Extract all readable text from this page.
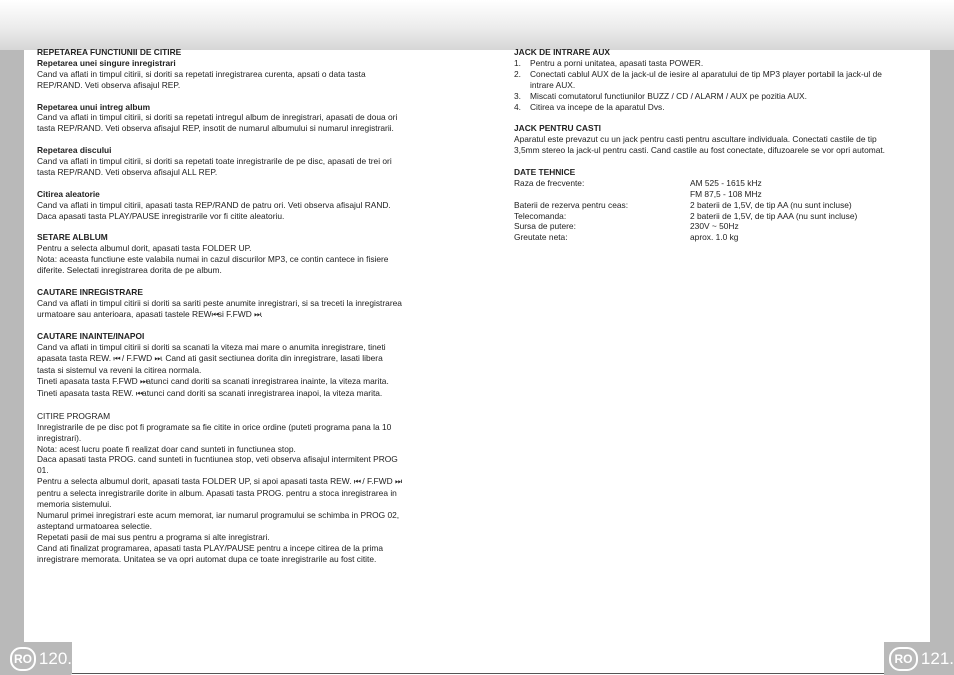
REPETAREA FUNCTIUNII DE CITIRE

Repetarea unei singure inregistrari

Cand va aflati in timpul citirii, si doriti sa repetati inregistrarea curenta, apsati o data tasta

REP/RAND. Veti observa afisajul REP.

Repetarea unui intreg album

Cand va aflati in timpul citirii, si doriti sa repetati intregul album de inregistrari, apasati de doua ori

tasta REP/RAND. Veti observa afisajul REP, insotit de numarul albumului si numarul inregistrarii.

Repetarea discului

Cand va aflati in timpul citirii, si doriti sa repetati toate inregistrarile de pe disc, apasati de trei ori

tasta REP/RAND. Veti observa afisajul ALL REP.

Citirea aleatorie

Cand va aflati in timpul citirii, apasati tasta REP/RAND de patru ori. Veti observa afisajul RAND.

Daca apasati tasta PLAY/PAUSE inregistrarile vor fi citite aleatoriu.

SETARE ALBLUM

Pentru a selecta albumul dorit, apasati tasta FOLDER UP.

Nota: aceasta functiune este valabila numai in cazul discurilor MP3, ce contin cantece in fisiere

diferite. Selectati inregistrarea dorita de pe album.

CAUTARE INREGISTRARE

Cand va aflati in timpul citirii si doriti sa sariti peste anumite inregistrari, si sa treceti la inregistrarea

urmatoare sau anterioara, apasati tastele REW⏮si F.FWD ⏭.

CAUTARE INAINTE/INAPOI

Cand va aflati in timpul citirii si doriti sa scanati la viteza mai mare o anumita inregistrare, tineti

apasata tasta REW. ⏮ / F.FWD ⏭. Cand ati gasit sectiunea dorita din inregistrare, lasati libera

tasta si sistemul va reveni la citirea normala.

Tineti apasata tasta F.FWD ⏭atunci cand doriti sa scanati inregistrarea inainte, la viteza marita.

Tineti apasata tasta REW. ⏮atunci cand doriti sa scanati inregistrarea inapoi, la viteza marita.

CITIRE PROGRAM

Inregistrarile de pe disc pot fi programate sa fie citite in orice ordine (puteti programa pana la 10

inregistrari).

Nota: acest lucru poate fi realizat doar cand sunteti in functiunea stop.

Daca apasati tasta PROG. cand sunteti in fucntiunea stop, veti observa afisajul intermitent PROG

01.

Pentru a selecta albumul dorit, apasati tasta FOLDER UP, si apoi apasati tasta REW. ⏮ / F.FWD ⏭

pentru a selecta inregistrarile dorite in album. Apasati tasta PROG. pentru a stoca inregistrarea in

memoria sistemului.

Numarul primei inregistrari este acum memorat, iar numarul programului se schimba in PROG 02,

asteptand urmatoarea selectie.

Repetati pasii de mai sus pentru a programa si alte inregistrari.

Cand ati finalizat programarea, apasati tasta PLAY/PAUSE pentru a incepe citirea de la prima

inregistrare memorata. Unitatea se va opri automat dupa ce toate inregistrarile au fost citite.

JACK DE INTRARE AUX

1.	Pentru a porni unitatea, apasati tasta POWER.
2.	Conectati cablul AUX de la jack-ul de iesire al aparatului de tip MP3 player portabil la jack-ul de
intrare AUX.
3.	Miscati comutatorul functiunilor BUZZ / CD / ALARM / AUX pe pozitia AUX.
4.	Citirea va incepe de la aparatul Dvs.

JACK PENTRU CASTI

Aparatul este prevazut cu un jack pentru casti pentru ascultare individuala. Conectati castile de tip

3,5mm stereo la jack-ul pentru casti. Cand castile au fost conectate, difuzoarele se vor opri automat.

DATE TEHNICE

Raza de frecvente:	AM 525 - 1615 kHz
FM 87,5 - 108 MHz
Baterii de rezerva pentru ceas:	2 baterii de 1,5V, de tip AA (nu sunt incluse)
Telecomanda:	2 baterii de 1,5V, de tip AAA (nu sunt incluse)
Sursa de putere:	230V ~ 50Hz
Greutate neta:	aprox. 1.0 kg
RO 120.	RO 121.
